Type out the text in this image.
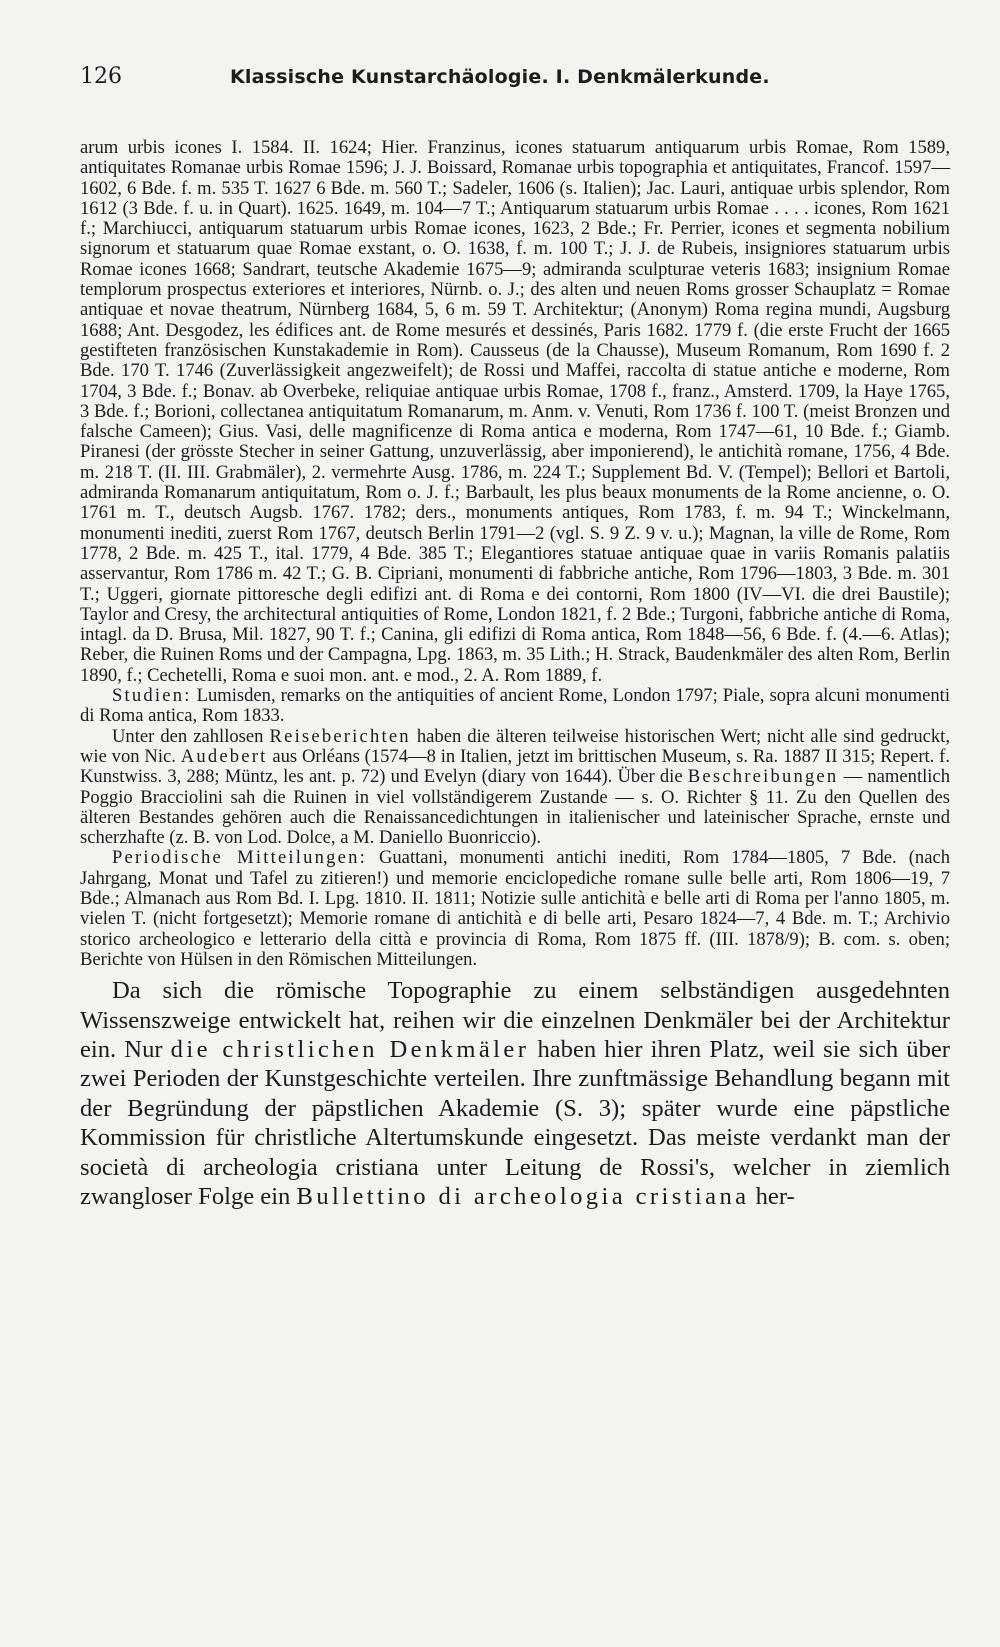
126	Klassische Kunstarchäologie. I. Denkmälerkunde.

arum urbis icones I. 1584. II. 1624; Hier. Franzinus, icones statuarum antiquarum urbis Romae, Rom 1589, antiquitates Romanae urbis Romae 1596; J. J. Boissard, Romanae urbis topographia et antiquitates, Francof. 1597—1602, 6 Bde. f. m. 535 T. 1627 6 Bde. m. 560 T.; Sadeler, 1606 (s. Italien); Jac. Lauri, antiquae urbis splendor, Rom 1612 (3 Bde. f. u. in Quart). 1625. 1649, m. 104—7 T.; Antiquarum statuarum urbis Romae . . . . icones, Rom 1621 f.; Marchiucci, antiquarum statuarum urbis Romae icones, 1623, 2 Bde.; Fr. Perrier, icones et segmenta nobilium signorum et statuarum quae Romae exstant, o. O. 1638, f. m. 100 T.; J. J. de Rubeis, insigniores statuarum urbis Romae icones 1668; Sandrart, teutsche Akademie 1675—9; admiranda sculpturae veteris 1683; insignium Romae templorum prospectus exteriores et interiores, Nürnb. o. J.; des alten und neuen Roms grosser Schauplatz = Romae antiquae et novae theatrum, Nürnberg 1684, 5, 6 m. 59 T. Architektur; (Anonym) Roma regina mundi, Augsburg 1688; Ant. Desgodez, les édifices ant. de Rome mesurés et dessinés, Paris 1682. 1779 f. (die erste Frucht der 1665 gestifteten französischen Kunstakademie in Rom). Causseus (de la Chausse), Museum Romanum, Rom 1690 f. 2 Bde. 170 T. 1746 (Zuverlässigkeit angezweifelt); de Rossi und Maffei, raccolta di statue antiche e moderne, Rom 1704, 3 Bde. f.; Bonav. ab Overbeke, reliquiae antiquae urbis Romae, 1708 f., franz., Amsterd. 1709, la Haye 1765, 3 Bde. f.; Borioni, collectanea antiquitatum Romanarum, m. Anm. v. Venuti, Rom 1736 f. 100 T. (meist Bronzen und falsche Cameen); Gius. Vasi, delle magnificenze di Roma antica e moderna, Rom 1747—61, 10 Bde. f.; Giamb. Piranesi (der grösste Stecher in seiner Gattung, unzuverlässig, aber imponierend), le antichità romane, 1756, 4 Bde. m. 218 T. (II. III. Grabmäler), 2. vermehrte Ausg. 1786, m. 224 T.; Supplement Bd. V. (Tempel); Bellori et Bartoli, admiranda Romanarum antiquitatum, Rom o. J. f.; Barbault, les plus beaux monuments de la Rome ancienne, o. O. 1761 m. T., deutsch Augsb. 1767. 1782; ders., monuments antiques, Rom 1783, f. m. 94 T.; Winckelmann, monumenti inediti, zuerst Rom 1767, deutsch Berlin 1791—2 (vgl. S. 9 Z. 9 v. u.); Magnan, la ville de Rome, Rom 1778, 2 Bde. m. 425 T., ital. 1779, 4 Bde. 385 T.; Elegantiores statuae antiquae quae in variis Romanis palatiis asservantur, Rom 1786 m. 42 T.; G. B. Cipriani, monumenti di fabbriche antiche, Rom 1796—1803, 3 Bde. m. 301 T.; Uggeri, giornate pittoresche degli edifizi ant. di Roma e dei contorni, Rom 1800 (IV—VI. die drei Baustile); Taylor and Cresy, the architectural antiquities of Rome, London 1821, f. 2 Bde.; Turgoni, fabbriche antiche di Roma, intagl. da D. Brusa, Mil. 1827, 90 T. f.; Canina, gli edifizi di Roma antica, Rom 1848—56, 6 Bde. f. (4.—6. Atlas); Reber, die Ruinen Roms und der Campagna, Lpg. 1863, m. 35 Lith.; H. Strack, Baudenkmäler des alten Rom, Berlin 1890, f.; Cechetelli, Roma e suoi mon. ant. e mod., 2. A. Rom 1889, f.

Studien: Lumisden, remarks on the antiquities of ancient Rome, London 1797; Piale, sopra alcuni monumenti di Roma antica, Rom 1833.

Unter den zahllosen Reiseberichten haben die älteren teilweise historischen Wert; nicht alle sind gedruckt, wie von Nic. Audebert aus Orléans (1574—8 in Italien, jetzt im brittischen Museum, s. Ra. 1887 II 315; Repert. f. Kunstwiss. 3, 288; Müntz, les ant. p. 72) und Evelyn (diary von 1644). Über die Beschreibungen — namentlich Poggio Bracciolini sah die Ruinen in viel vollständigerem Zustande — s. O. Richter § 11. Zu den Quellen des älteren Bestandes gehören auch die Renaissancedichtungen in italienischer und lateinischer Sprache, ernste und scherzhafte (z. B. von Lod. Dolce, a M. Daniello Buonriccio).

Periodische Mitteilungen: Guattani, monumenti antichi inediti, Rom 1784—1805, 7 Bde. (nach Jahrgang, Monat und Tafel zu zitieren!) und memorie enciclopediche romane sulle belle arti, Rom 1806—19, 7 Bde.; Almanach aus Rom Bd. I. Lpg. 1810. II. 1811; Notizie sulle antichità e belle arti di Roma per l'anno 1805, m. vielen T. (nicht fortgesetzt); Memorie romane di antichità e di belle arti, Pesaro 1824—7, 4 Bde. m. T.; Archivio storico archeologico e letterario della città e provincia di Roma, Rom 1875 ff. (III. 1878/9); B. com. s. oben; Berichte von Hülsen in den Römischen Mitteilungen.

Da sich die römische Topographie zu einem selbständigen ausgedehnten Wissenszweige entwickelt hat, reihen wir die einzelnen Denkmäler bei der Architektur ein. Nur die christlichen Denkmäler haben hier ihren Platz, weil sie sich über zwei Perioden der Kunstgeschichte verteilen. Ihre zunftmässige Behandlung begann mit der Begründung der päpstlichen Akademie (S. 3); später wurde eine päpstliche Kommission für christliche Altertumskunde eingesetzt. Das meiste verdankt man der società di archeologia cristiana unter Leitung de Rossi's, welcher in ziemlich zwangloser Folge ein Bullettino di archeologia cristiana her-
